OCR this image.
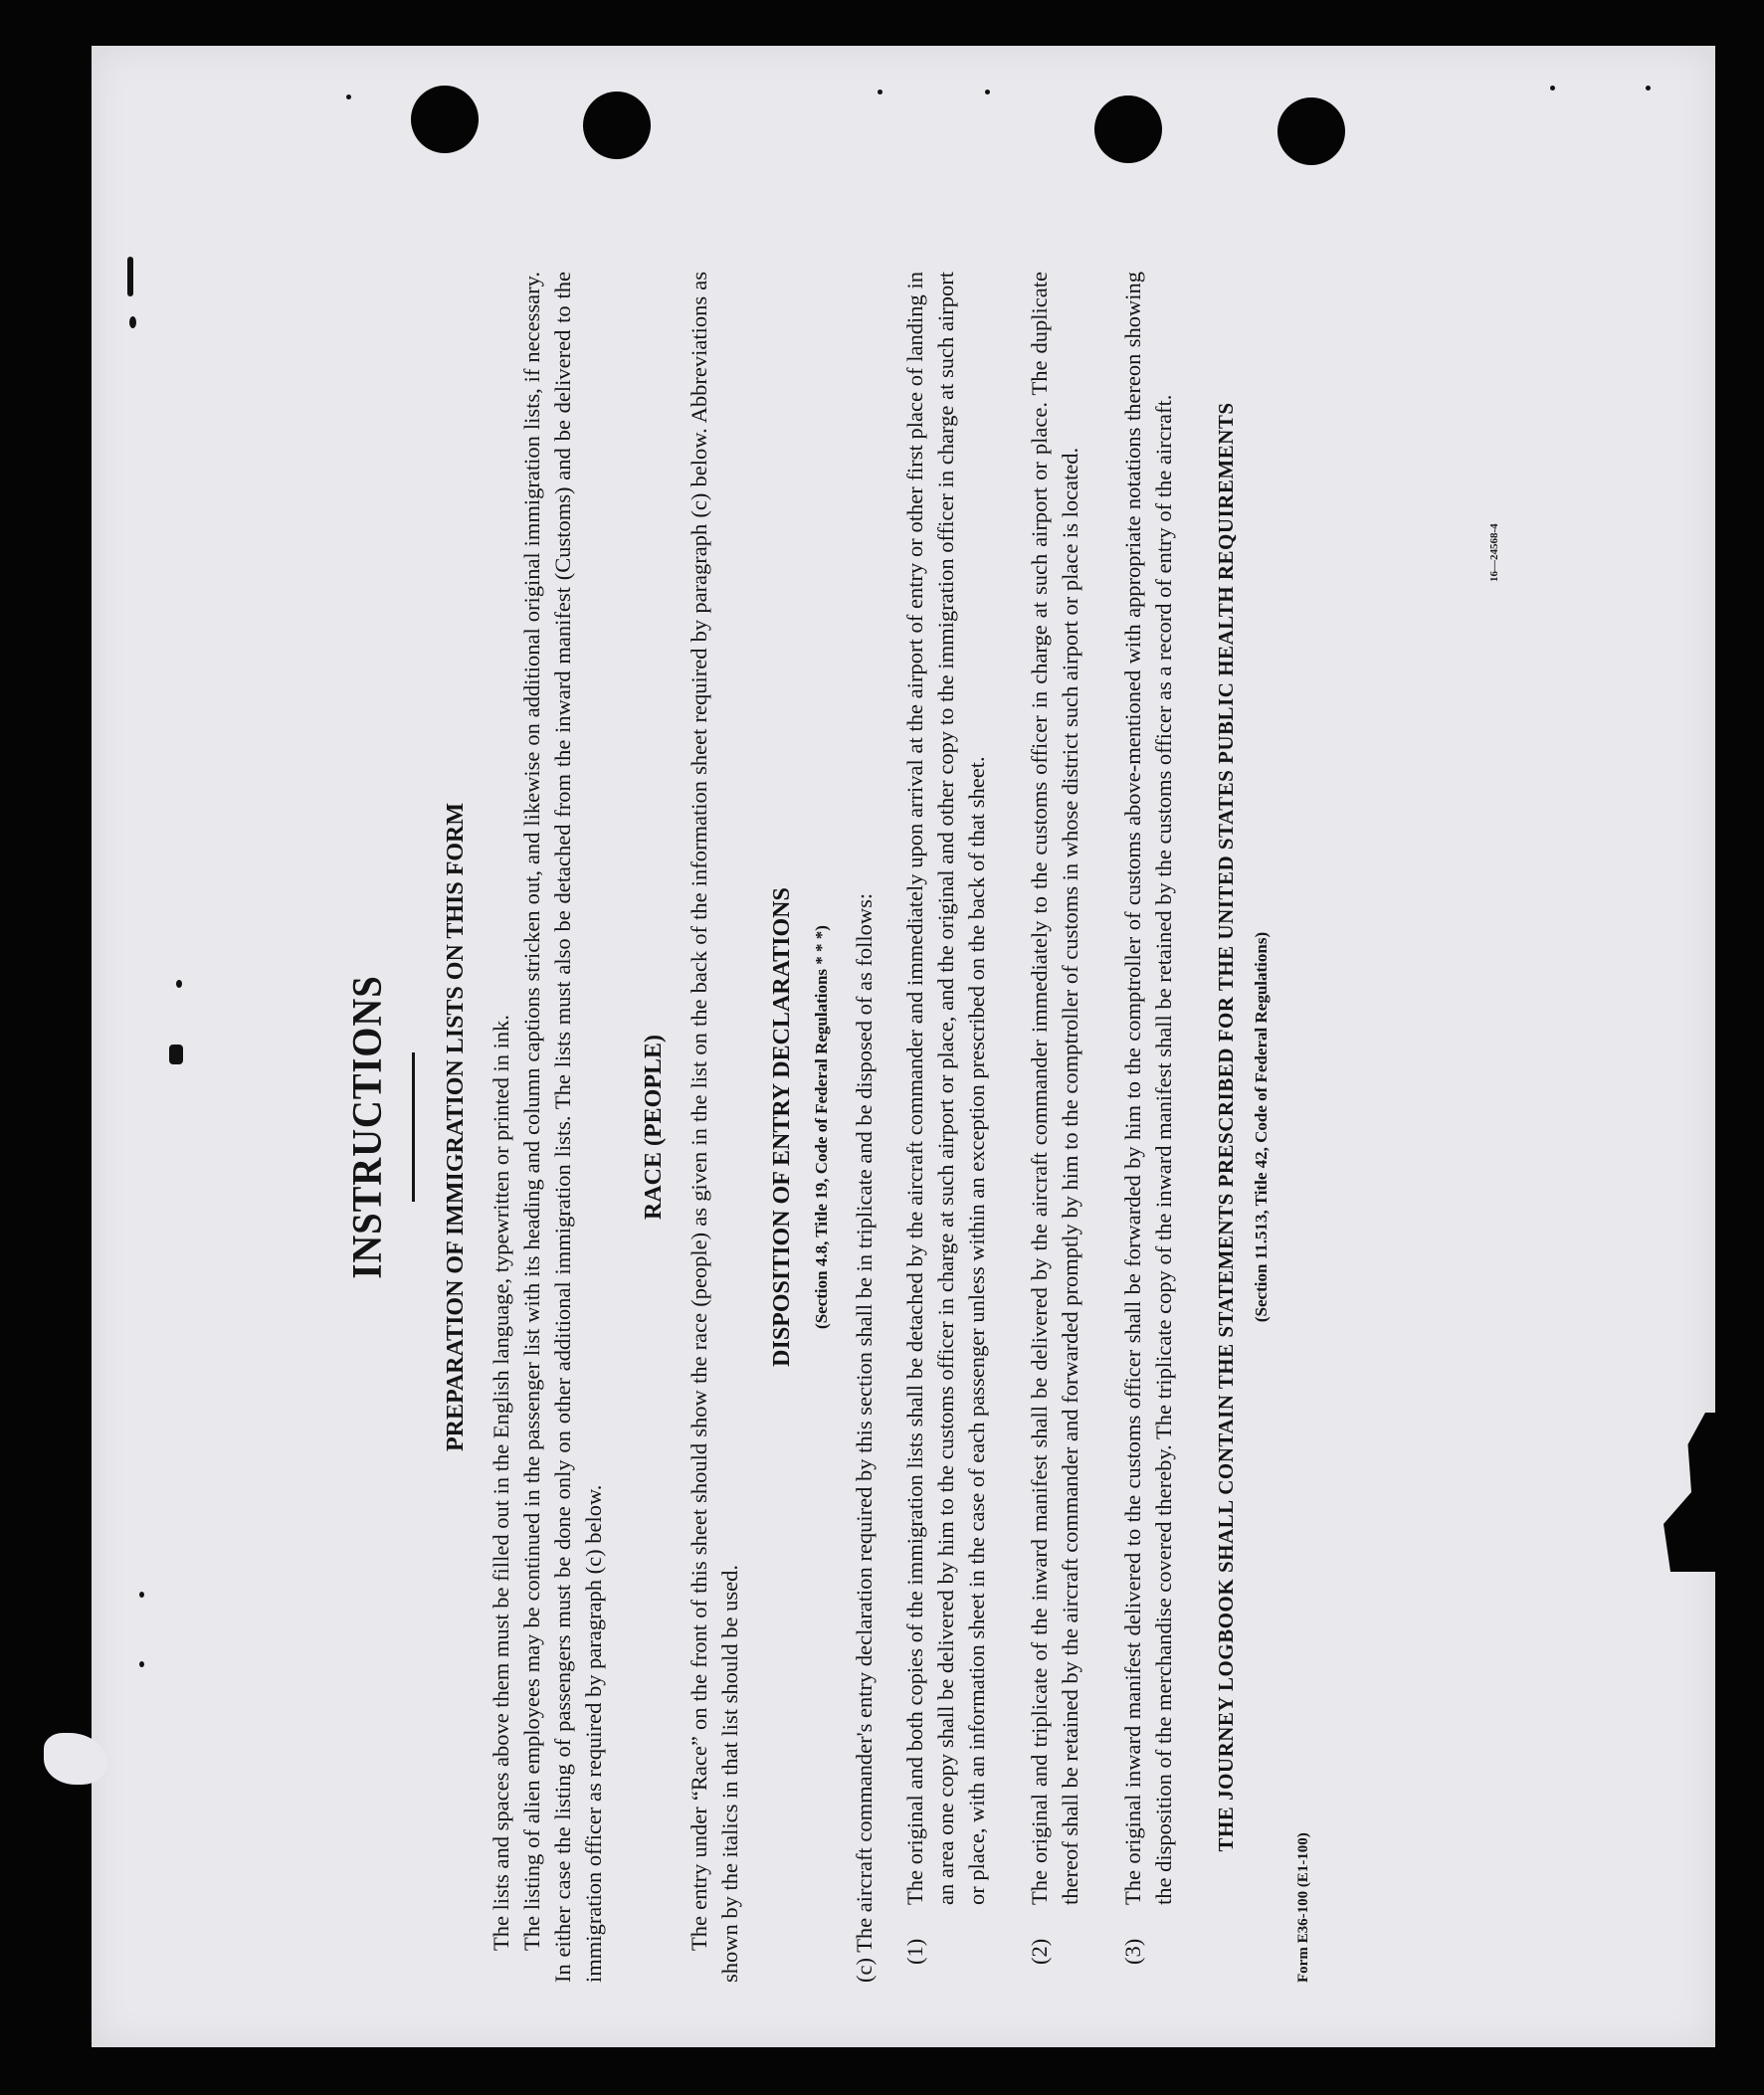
INSTRUCTIONS PREPARATION OF IMMIGRATION LISTS ON THIS FORM The lists and spaces above them must be filled out in the English language, typewritten or printed in ink. The listing of alien employees may be continued in the passenger list with its heading and column captions stricken out, and likewise on additional original immigration lists, if necessary. In either case the listing of passengers must be done only on other additional immigration lists. The lists must also be detached from the inward manifest (Customs) and be delivered to the immigration officer as required by paragraph (c) below.

RACE (PEOPLE) The entry under “Race” on the front of this sheet should show the race (people) as given in the list on the back of the information sheet required by paragraph (c) below. Abbreviations as shown by the italics in that list should be used.

DISPOSITION OF ENTRY DECLARATIONS	(Section 4.8, Title 19, Code of Federal Regulations * * *) (c) The aircraft commander's entry declaration required by this section shall be in triplicate and be disposed of as follows: (1)
The original and both copies of the immigration lists shall be detached by the aircraft commander and immediately upon arrival at the airport of entry or other first place of landing in an area one copy shall be delivered by him to the customs officer in charge at such airport or place, and the original and other copy to the immigration officer in charge at such airport or place, with an information sheet in the case of each passenger unless within an exception prescribed on the back of that sheet.
(2)
The original and triplicate of the inward manifest shall be delivered by the aircraft commander immediately to the customs officer in charge at such airport or place. The duplicate thereof shall be retained by the aircraft commander and forwarded promptly by him to the comptroller of customs in whose district such airport or place is located.
(3)
The original inward manifest delivered to the customs officer shall be forwarded by him to the comptroller of customs above-mentioned with appropriate notations thereon showing the disposition of the merchandise covered thereby. The triplicate copy of the inward manifest shall be retained by the customs officer as a record of entry of the aircraft. THE JOURNEY LOGBOOK SHALL CONTAIN THE STATEMENTS PRESCRIBED FOR THE UNITED STATES PUBLIC HEALTH REQUIREMENTS (Section 11.513, Title 42, Code of Federal Regulations)
Form E36-100 (E1-100)
16—24568-4
